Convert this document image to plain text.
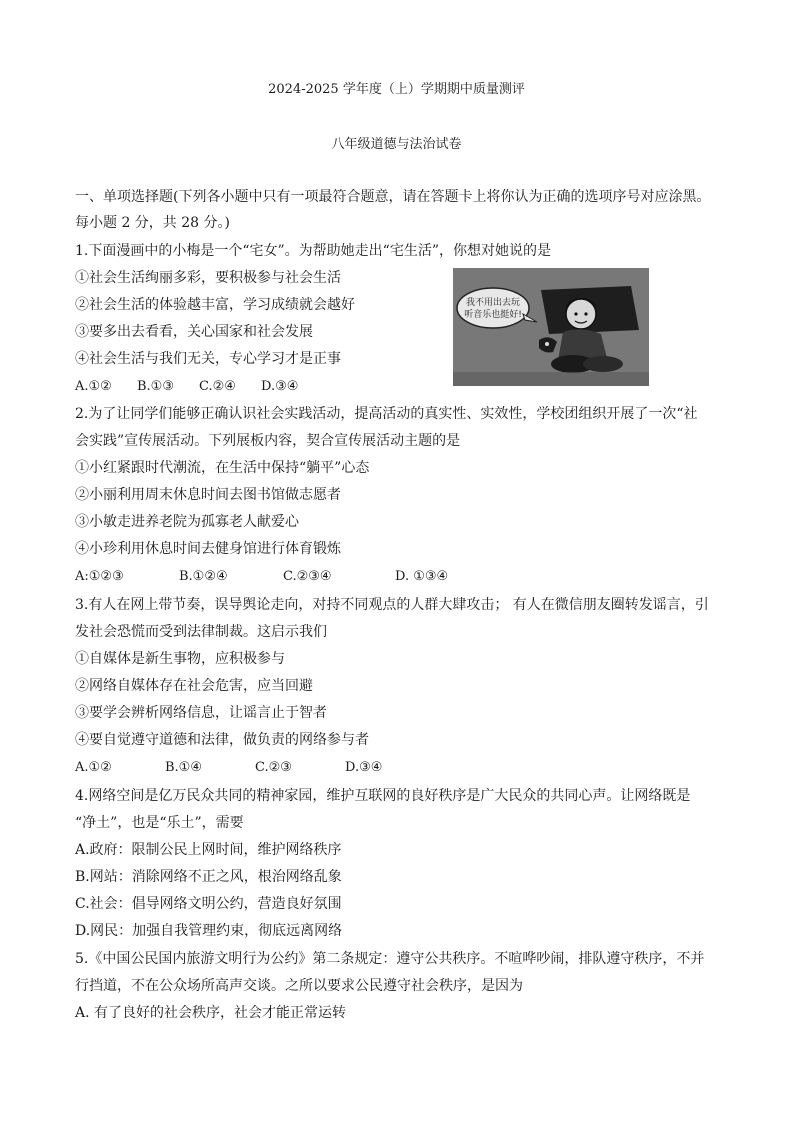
2024-2025 学年度（上）学期期中质量测评
八年级道德与法治试卷
一、单项选择题(下列各小题中只有一项最符合题意，请在答题卡上将你认为正确的选项序号对应涂黑。
每小题 2 分，共 28 分。)
1.下面漫画中的小梅是一个“宅女”。为帮助她走出“宅生活”，你想对她说的是
①社会生活绚丽多彩，要积极参与社会生活
②社会生活的体验越丰富，学习成绩就会越好
③要多出去看看，关心国家和社会发展
④社会生活与我们无关，专心学习才是正事
A.①② B.①③ C.②④ D.③④
我不用出去玩
听音乐也挺好!
2.为了让同学们能够正确认识社会实践活动，提高活动的真实性、实效性，学校团组织开展了一次“社
会实践”宣传展活动。下列展板内容，契合宣传展活动主题的是
①小红紧跟时代潮流，在生活中保持“躺平”心态
②小丽利用周末休息时间去图书馆做志愿者
③小敏走进养老院为孤寡老人献爱心
④小珍利用休息时间去健身馆进行体育锻炼
A:①②③	B.①②④	C.②③④	D. ①③④
3.有人在网上带节奏，误导舆论走向，对持不同观点的人群大肆攻击； 有人在微信朋友圈转发谣言，引
发社会恐慌而受到法律制裁。这启示我们
①自媒体是新生事物，应积极参与
②网络自媒体存在社会危害，应当回避
③要学会辨析网络信息，让谣言止于智者
④要自觉遵守道德和法律，做负责的网络参与者
A.①②	B.①④	C.②③	D.③④
4.网络空间是亿万民众共同的精神家园，维护互联网的良好秩序是广大民众的共同心声。让网络既是
“净土”，也是“乐土”，需要
A.政府：限制公民上网时间，维护网络秩序
B.网站：消除网络不正之风，根治网络乱象
C.社会：倡导网络文明公约，营造良好氛围
D.网民：加强自我管理约束，彻底远离网络
5.《中国公民国内旅游文明行为公约》第二条规定：遵守公共秩序。不喧哗吵闹，排队遵守秩序，不并
行挡道，不在公众场所高声交谈。之所以要求公民遵守社会秩序，是因为
A. 有了良好的社会秩序，社会才能正常运转
